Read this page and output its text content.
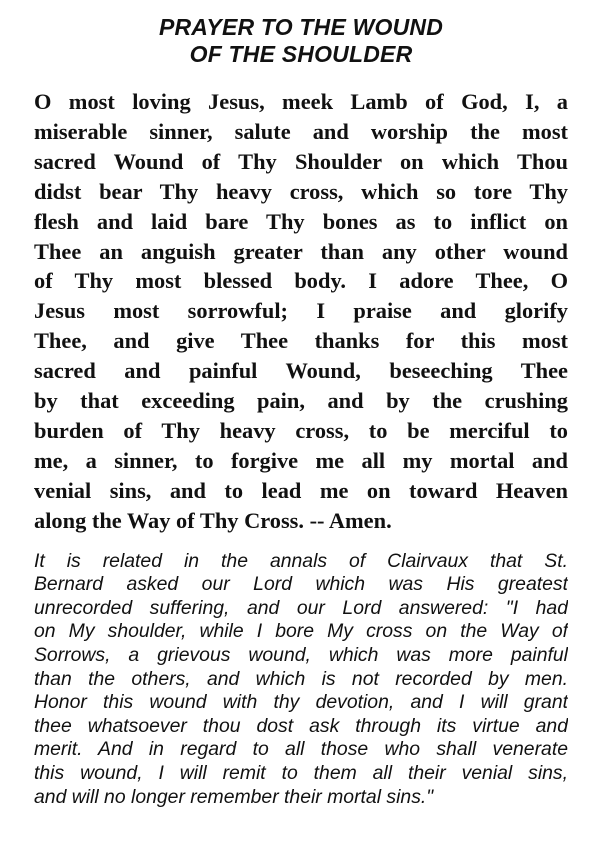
PRAYER TO THE WOUND
OF THE SHOULDER
O most loving Jesus, meek Lamb of God, I, a
miserable sinner, salute and worship the most
sacred Wound of Thy Shoulder on which Thou
didst bear Thy heavy cross, which so tore Thy
flesh and laid bare Thy bones as to inflict on
Thee an anguish greater than any other wound
of Thy most blessed body. I adore Thee, O
Jesus most sorrowful; I praise and glorify
Thee, and give Thee thanks for this most
sacred and painful Wound, beseeching Thee
by that exceeding pain, and by the crushing
burden of Thy heavy cross, to be merciful to
me, a sinner, to forgive me all my mortal and
venial sins, and to lead me on toward Heaven
along the Way of Thy Cross. -- Amen.
It is related in the annals of Clairvaux that St.
Bernard asked our Lord which was His greatest
unrecorded suffering, and our Lord answered: "I had
on My shoulder, while I bore My cross on the Way of
Sorrows, a grievous wound, which was more painful
than the others, and which is not recorded by men.
Honor this wound with thy devotion, and I will grant
thee whatsoever thou dost ask through its virtue and
merit. And in regard to all those who shall venerate
this wound, I will remit to them all their venial sins,
and will no longer remember their mortal sins."
